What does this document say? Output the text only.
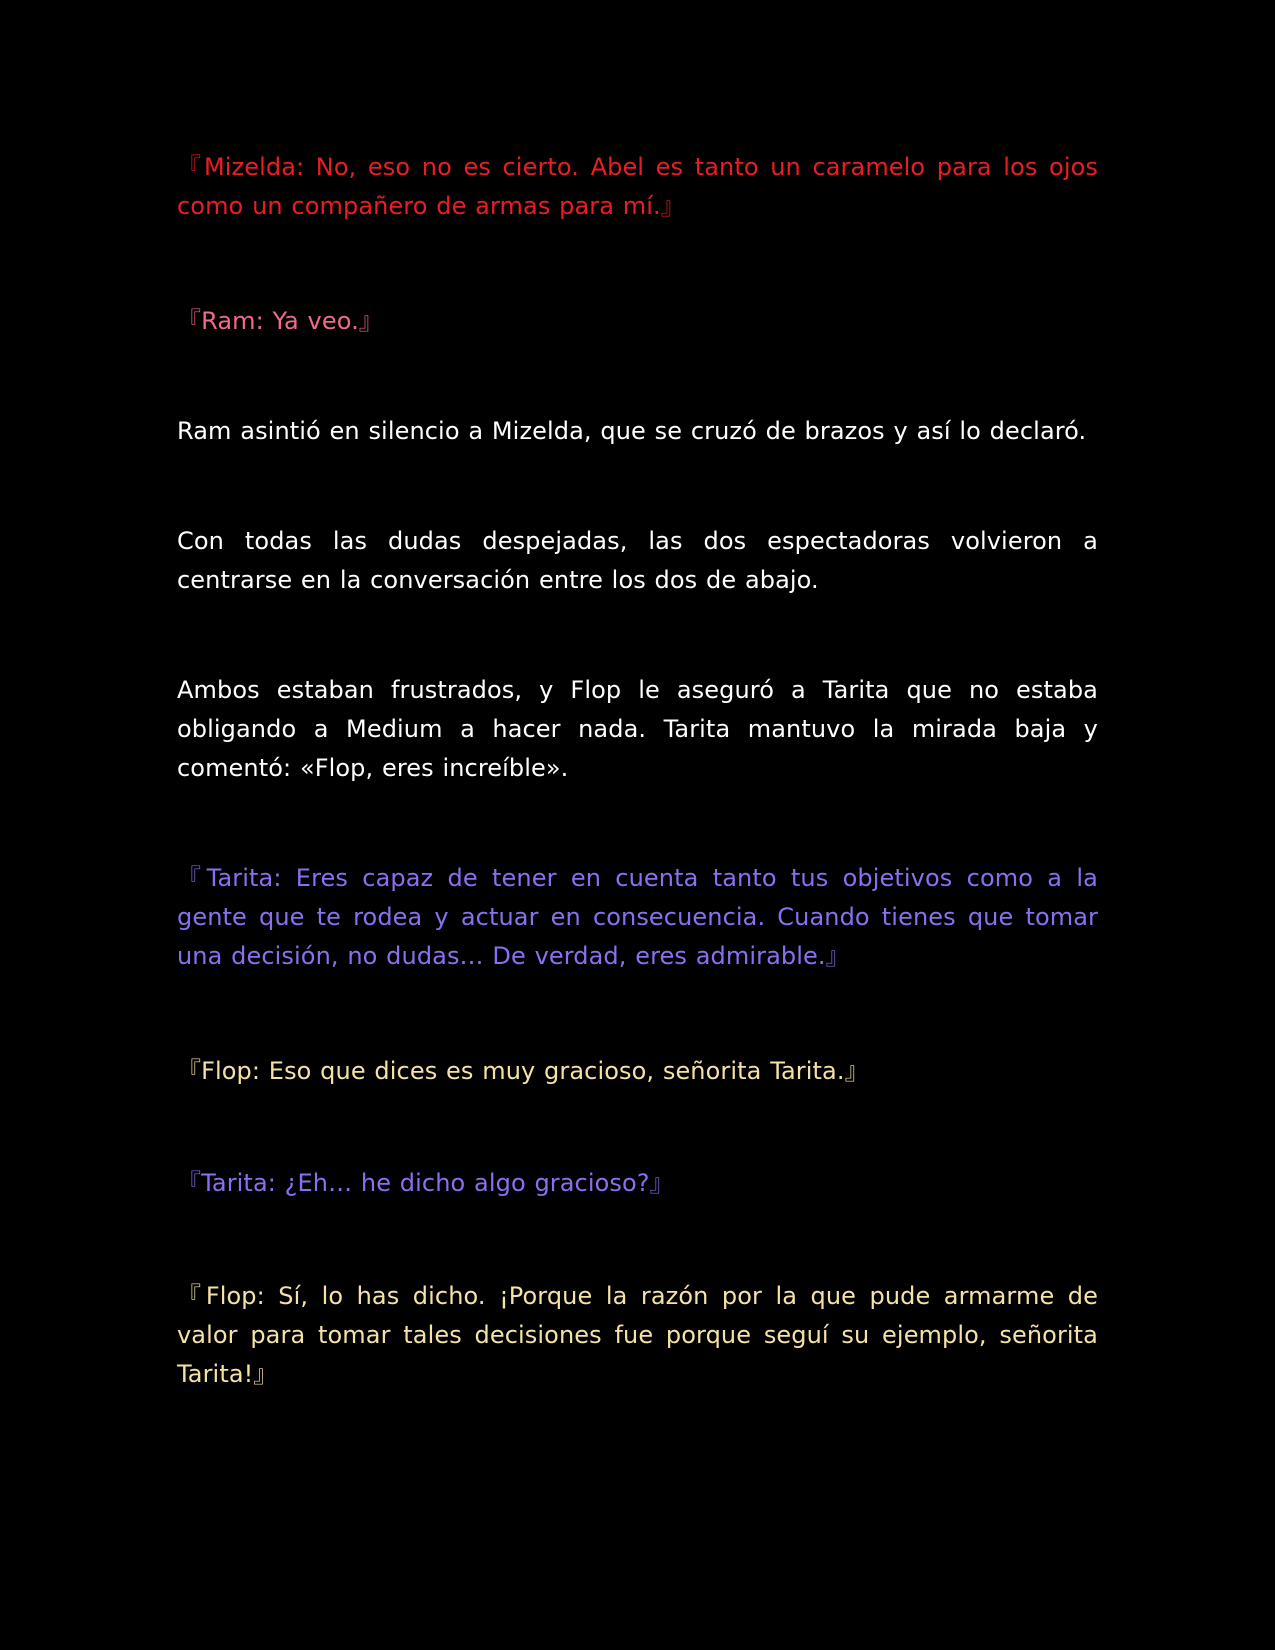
『Mizelda: No, eso no es cierto. Abel es tanto un caramelo para los ojos como un compañero de armas para mí.』

『Ram: Ya veo.』

Ram asintió en silencio a Mizelda, que se cruzó de brazos y así lo declaró.

Con todas las dudas despejadas, las dos espectadoras volvieron a centrarse en la conversación entre los dos de abajo.

Ambos estaban frustrados, y Flop le aseguró a Tarita que no estaba obligando a Medium a hacer nada. Tarita mantuvo la mirada baja y comentó: «Flop, eres increíble».

『Tarita: Eres capaz de tener en cuenta tanto tus objetivos como a la gente que te rodea y actuar en consecuencia. Cuando tienes que tomar una decisión, no dudas… De verdad, eres admirable.』

『Flop: Eso que dices es muy gracioso, señorita Tarita.』

『Tarita: ¿Eh… he dicho algo gracioso?』

『Flop: Sí, lo has dicho. ¡Porque la razón por la que pude armarme de valor para tomar tales decisiones fue porque seguí su ejemplo, señorita Tarita!』
